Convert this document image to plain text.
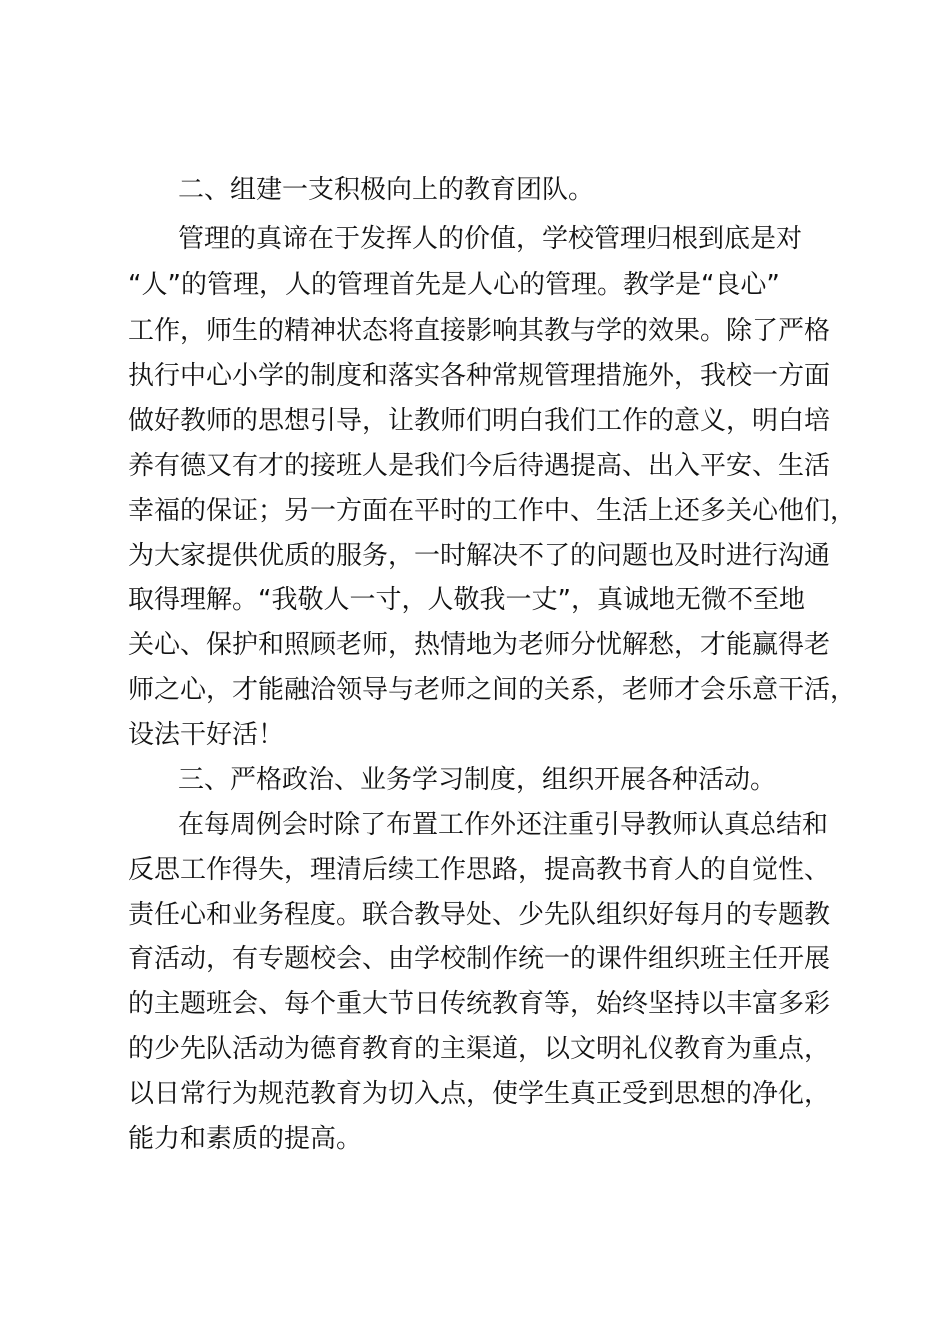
二、组建一支积极向上的教育团队。
管理的真谛在于发挥人的价值，学校管理归根到底是对
“人”的管理，人的管理首先是人心的管理。教学是“良心”
工作，师生的精神状态将直接影响其教与学的效果。除了严格
执行中心小学的制度和落实各种常规管理措施外，我校一方面
做好教师的思想引导，让教师们明白我们工作的意义，明白培
养有德又有才的接班人是我们今后待遇提高、出入平安、生活
幸福的保证；另一方面在平时的工作中、生活上还多关心他们，
为大家提供优质的服务，一时解决不了的问题也及时进行沟通
取得理解。“我敬人一寸，人敬我一丈”，真诚地无微不至地
关心、保护和照顾老师，热情地为老师分忧解愁，才能赢得老
师之心，才能融洽领导与老师之间的关系，老师才会乐意干活，
设法干好活！
三、严格政治、业务学习制度，组织开展各种活动。
在每周例会时除了布置工作外还注重引导教师认真总结和
反思工作得失，理清后续工作思路，提高教书育人的自觉性、
责任心和业务程度。联合教导处、少先队组织好每月的专题教
育活动，有专题校会、由学校制作统一的课件组织班主任开展
的主题班会、每个重大节日传统教育等，始终坚持以丰富多彩
的少先队活动为德育教育的主渠道，以文明礼仪教育为重点，
以日常行为规范教育为切入点，使学生真正受到思想的净化，
能力和素质的提高。
